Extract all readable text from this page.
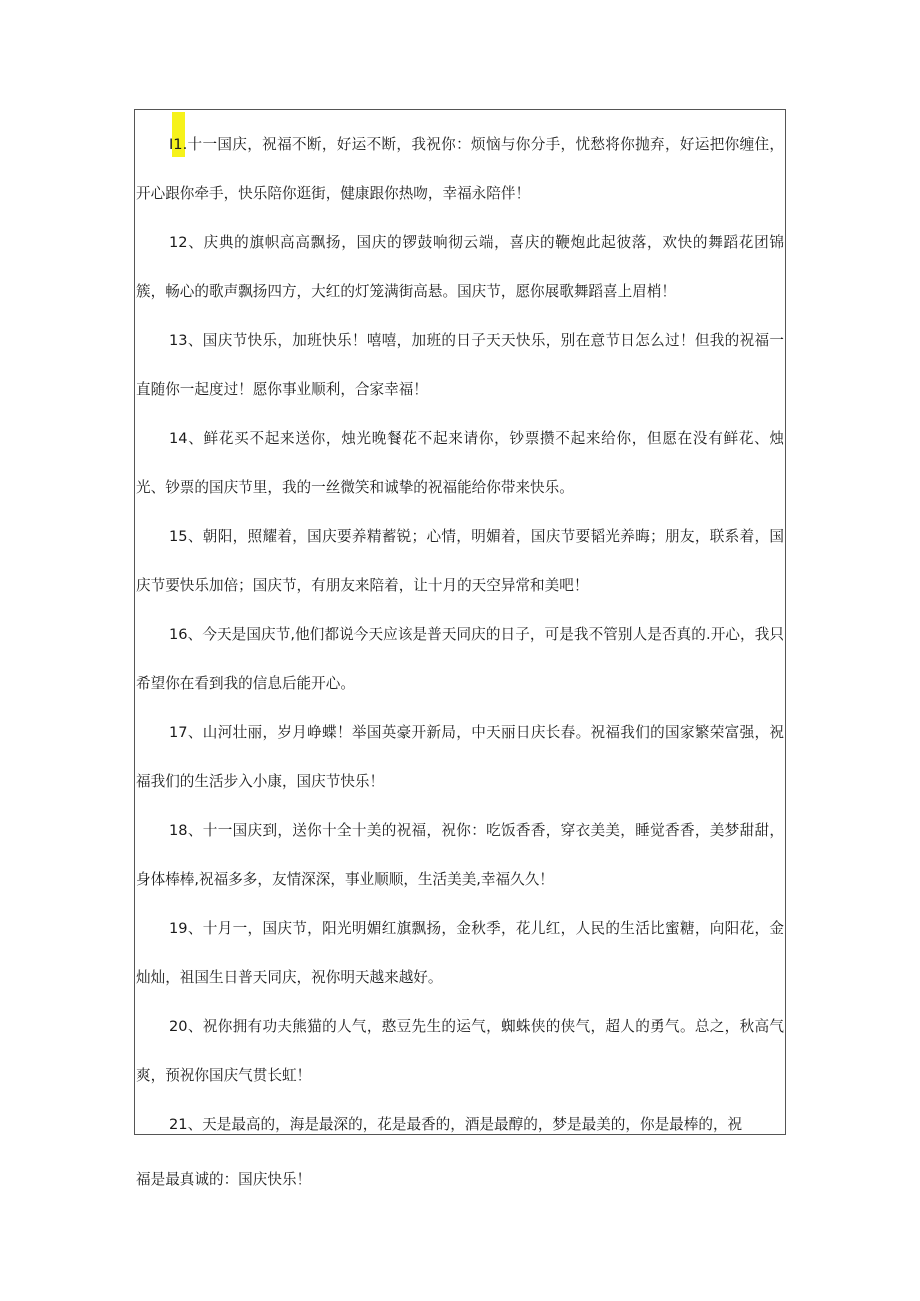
I1.十一国庆，祝福不断，好运不断，我祝你：烦恼与你分手，忧愁将你抛弃，好运把你缠住，开心跟你牵手，快乐陪你逛街，健康跟你热吻，幸福永陪伴！

12、庆典的旗帜高高飘扬，国庆的锣鼓响彻云端，喜庆的鞭炮此起彼落，欢快的舞蹈花团锦簇，畅心的歌声飘扬四方，大红的灯笼满街高悬。国庆节，愿你展歌舞蹈喜上眉梢！

13、国庆节快乐，加班快乐！嘻嘻，加班的日子天天快乐，别在意节日怎么过！但我的祝福一直随你一起度过！愿你事业顺利，合家幸福！

14、鲜花买不起来送你，烛光晚餐花不起来请你，钞票攒不起来给你，但愿在没有鲜花、烛光、钞票的国庆节里，我的一丝微笑和诚挚的祝福能给你带来快乐。

15、朝阳，照耀着，国庆要养精蓄锐；心情，明媚着，国庆节要韬光养晦；朋友，联系着，国庆节要快乐加倍；国庆节，有朋友来陪着，让十月的天空异常和美吧！

16、今天是国庆节,他们都说今天应该是普天同庆的日子，可是我不管别人是否真的.开心，我只希望你在看到我的信息后能开心。

17、山河壮丽，岁月峥蝶！举国英豪开新局，中天丽日庆长春。祝福我们的国家繁荣富强，祝福我们的生活步入小康，国庆节快乐！

18、十一国庆到，送你十全十美的祝福，祝你：吃饭香香，穿衣美美，睡觉香香，美梦甜甜，身体棒棒,祝福多多，友情深深，事业顺顺，生活美美,幸福久久！

19、十月一，国庆节，阳光明媚红旗飘扬，金秋季，花儿红，人民的生活比蜜糖，向阳花，金灿灿，祖国生日普天同庆，祝你明天越来越好。

20、祝你拥有功夫熊猫的人气，憨豆先生的运气，蜘蛛侠的侠气，超人的勇气。总之，秋高气爽，预祝你国庆气贯长虹！

21、天是最高的，海是最深的，花是最香的，酒是最醇的，梦是最美的，你是最棒的，祝

福是最真诚的：国庆快乐！
